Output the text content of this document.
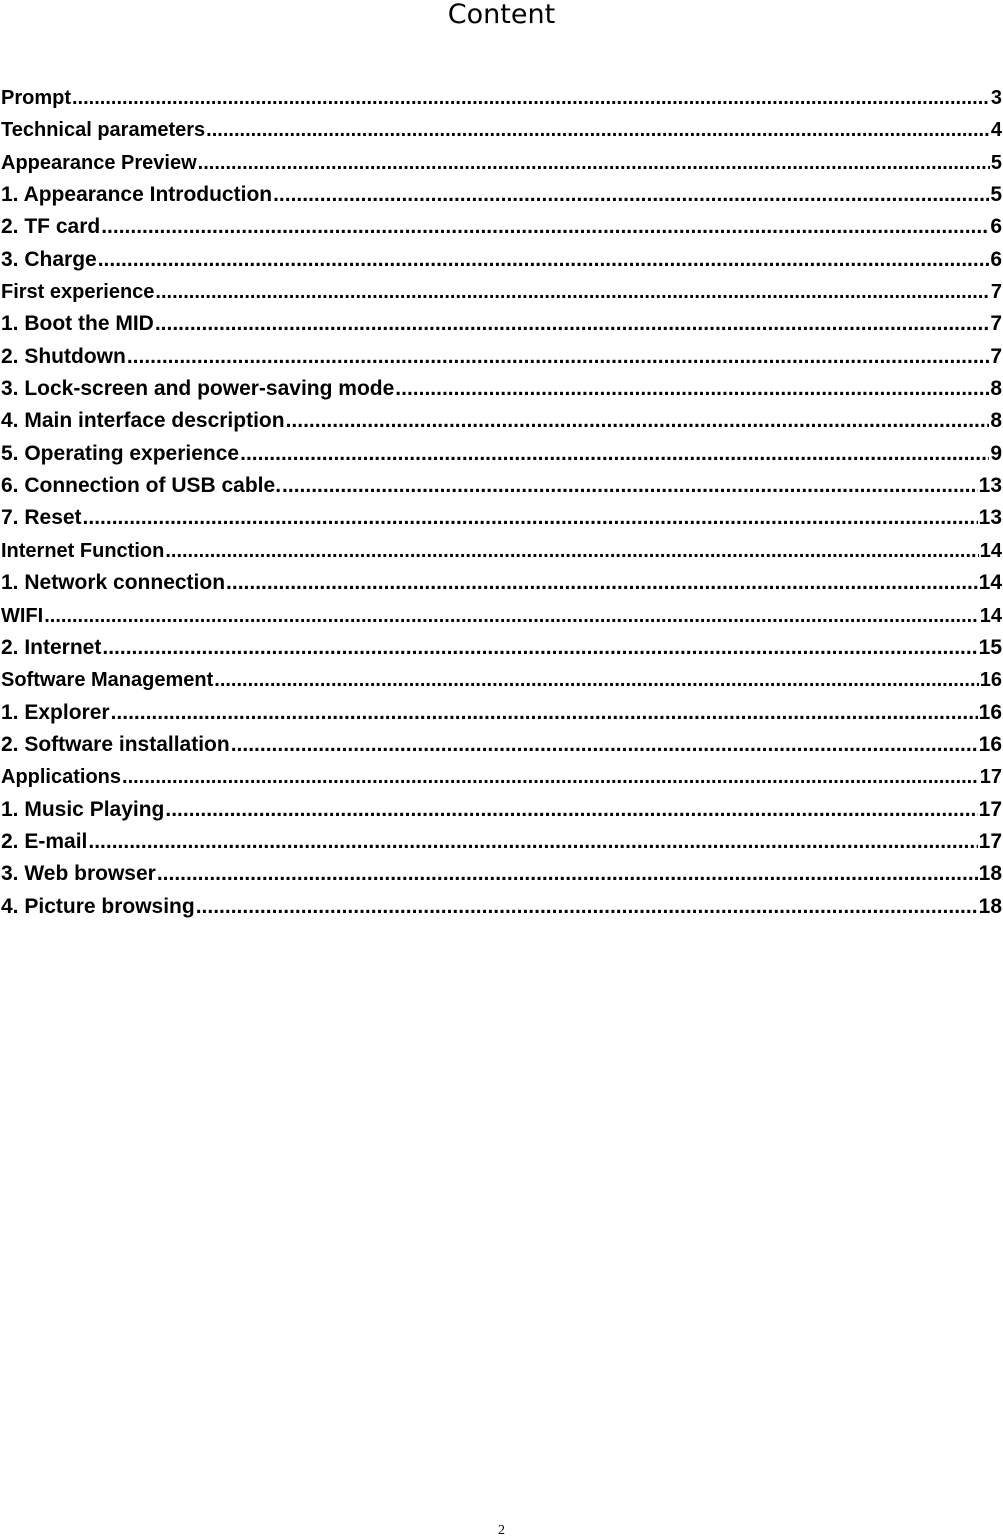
Content
Prompt .....	3
Technical parameters .....	4
Appearance Preview .....	5
1. Appearance Introduction .....	5
2. TF card .....	6
3. Charge .....	6
First experience .....	7
1. Boot the MID .....	7
2. Shutdown .....	7
3. Lock-screen and power-saving mode .....	8
4. Main interface description .....	8
5. Operating experience .....	9
6. Connection of USB cable. .....	13
7. Reset .....	13
Internet Function .....	14
1. Network connection .....	14
WIFI .....	14
2. Internet .....	15
Software Management .....	16
1. Explorer .....	16
2. Software installation .....	16
Applications .....	17
1. Music Playing .....	17
2. E-mail .....	17
3. Web browser .....	18
4. Picture browsing .....	18
2
